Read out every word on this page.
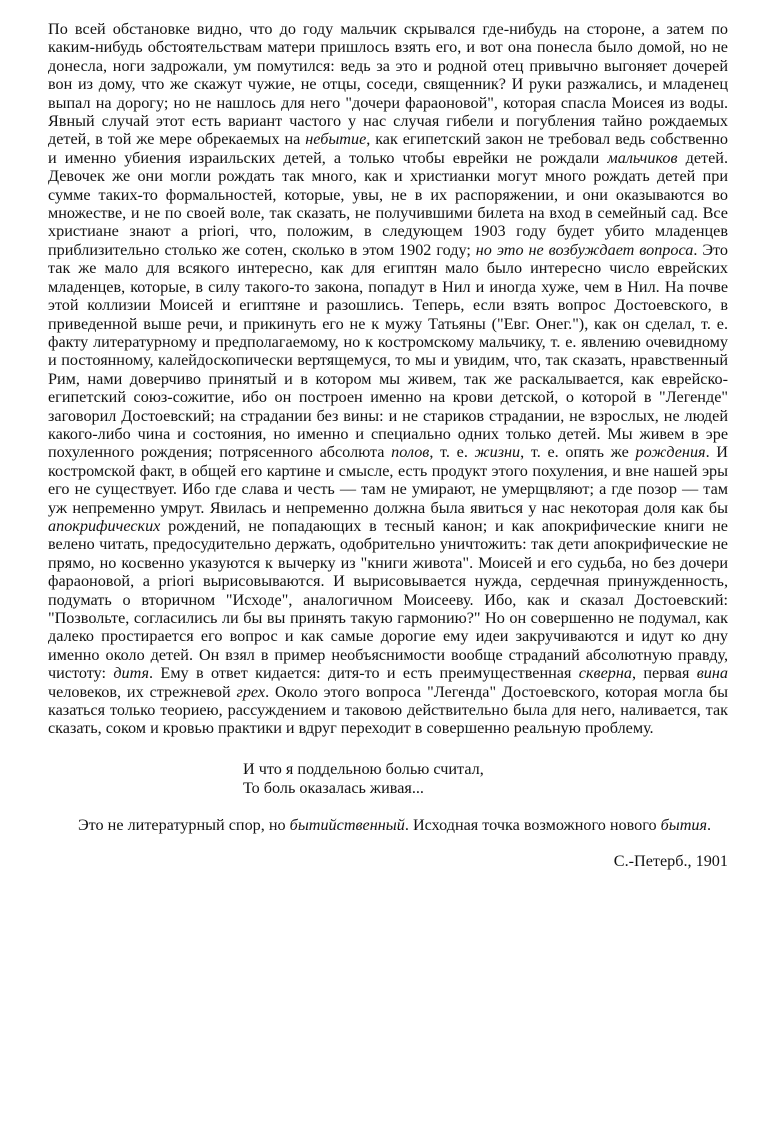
По всей обстановке видно, что до году мальчик скрывался где-нибудь на стороне, а затем по каким-нибудь обстоятельствам матери пришлось взять его, и вот она понесла было домой, но не донесла, ноги задрожали, ум помутился: ведь за это и родной отец привычно выгоняет дочерей вон из дому, что же скажут чужие, не отцы, соседи, священник? И руки разжались, и младенец выпал на дорогу; но не нашлось для него "дочери фараоновой", которая спасла Моисея из воды. Явный случай этот есть вариант частого у нас случая гибели и погубления тайно рождаемых детей, в той же мере обрекаемых на небытие, как египетский закон не требовал ведь собственно и именно убиения израильских детей, а только чтобы еврейки не рождали мальчиков детей. Девочек же они могли рождать так много, как и христианки могут много рождать детей при сумме таких-то формальностей, которые, увы, не в их распоряжении, и они оказываются во множестве, и не по своей воле, так сказать, не получившими билета на вход в семейный сад. Все христиане знают a priori, что, положим, в следующем 1903 году будет убито младенцев приблизительно столько же сотен, сколько в этом 1902 году; но это не возбуждает вопроса. Это так же мало для всякого интересно, как для египтян мало было интересно число еврейских младенцев, которые, в силу такого-то закона, попадут в Нил и иногда хуже, чем в Нил. На почве этой коллизии Моисей и египтяне и разошлись. Теперь, если взять вопрос Достоевского, в приведенной выше речи, и прикинуть его не к мужу Татьяны ("Евг. Онег."), как он сделал, т. е. факту литературному и предполагаемому, но к костромскому мальчику, т. е. явлению очевидному и постоянному, калейдоскопически вертящемуся, то мы и увидим, что, так сказать, нравственный Рим, нами доверчиво принятый и в котором мы живем, так же раскалывается, как еврейско-египетский союз-сожитие, ибо он построен именно на крови детской, о которой в "Легенде" заговорил Достоевский; на страдании без вины: и не стариков страдании, не взрослых, не людей какого-либо чина и состояния, но именно и специально одних только детей. Мы живем в эре похуленного рождения; потрясенного абсолюта полов, т. е. жизни, т. е. опять же рождения. И костромской факт, в общей его картине и смысле, есть продукт этого похуления, и вне нашей эры его не существует. Ибо где слава и честь — там не умирают, не умерщвляют; а где позор — там уж непременно умрут. Явилась и непременно должна была явиться у нас некоторая доля как бы апокрифических рождений, не попадающих в тесный канон; и как апокрифические книги не велено читать, предосудительно держать, одобрительно уничтожить: так дети апокрифические не прямо, но косвенно указуются к вычерку из "книги живота". Моисей и его судьба, но без дочери фараоновой, a priori вырисовываются. И вырисовывается нужда, сердечная принужденность, подумать о вторичном "Исходе", аналогичном Моисееву. Ибо, как и сказал Достоевский: "Позвольте, согласились ли бы вы принять такую гармонию?" Но он совершенно не подумал, как далеко простирается его вопрос и как самые дорогие ему идеи закручиваются и идут ко дну именно около детей. Он взял в пример необъяснимости вообще страданий абсолютную правду, чистоту: дитя. Ему в ответ кидается: дитя-то и есть преимущественная скверна, первая вина человеков, их стрежневой грех. Около этого вопроса "Легенда" Достоевского, которая могла бы казаться только теориею, рассуждением и таковою действительно была для него, наливается, так сказать, соком и кровью практики и вдруг переходит в совершенно реальную проблему.

И что я поддельною болью считал,
То боль оказалась живая...

Это не литературный спор, но бытийственный. Исходная точка возможного нового бытия.

С.-Петерб., 1901
